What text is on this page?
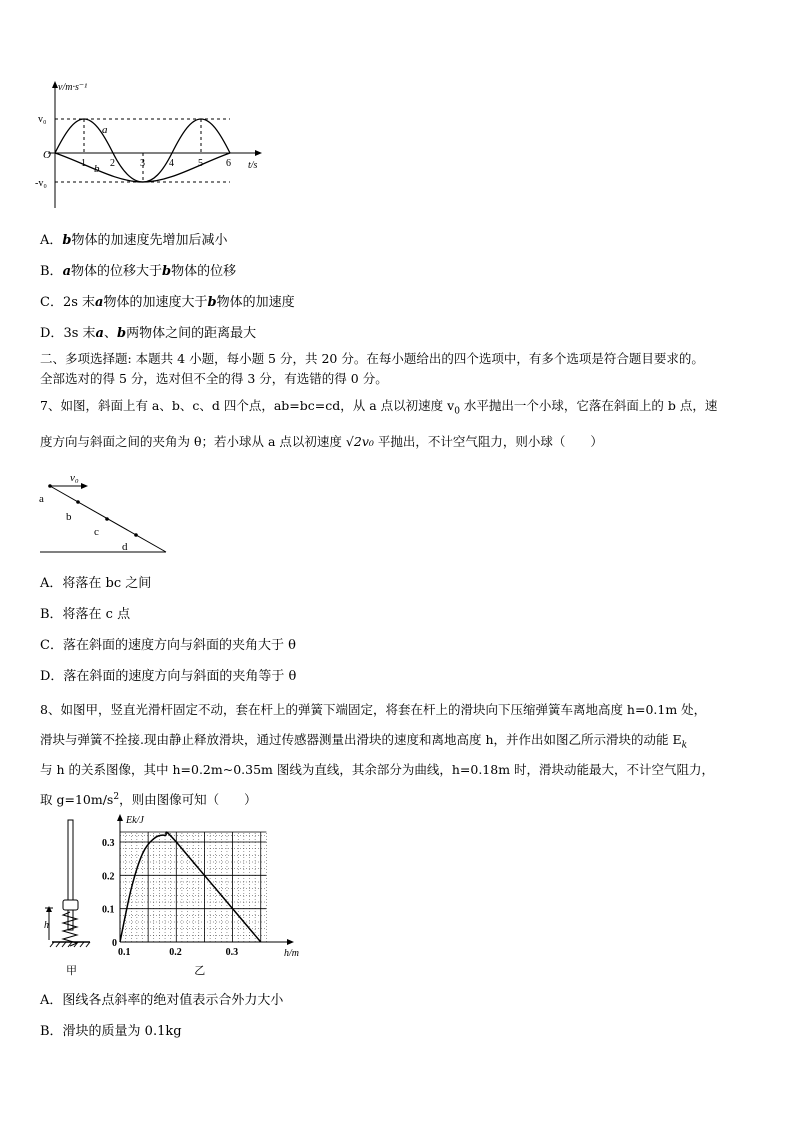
v/m·s⁻¹
t/s
v₀
-v₀
O
1 2	3 4 5 6
a
b
A．b物体的加速度先增加后减小
B．a物体的位移大于b物体的位移
C．2s 末a物体的加速度大于b物体的加速度
D．3s 末a、b两物体之间的距离最大
二、多项选择题: 本题共 4 小题，每小题 5 分，共 20 分。在每小题给出的四个选项中，有多个选项是符合题目要求的。
全部选对的得 5 分，选对但不全的得 3 分，有选错的得 0 分。
7、如图，斜面上有 a、b、c、d 四个点，ab=bc=cd，从 a 点以初速度 $v_0$ 水平抛出一个小球，它落在斜面上的 b 点，速
度方向与斜面之间的夹角为 θ；若小球从 a 点以初速度 √2v₀ 平抛出，不计空气阻力，则小球（　　）
v₀
a
b
c
d
A．将落在 bc 之间
B．将落在 c 点
C．落在斜面的速度方向与斜面的夹角大于 θ
D．落在斜面的速度方向与斜面的夹角等于 θ
8、如图甲，竖直光滑杆固定不动，套在杆上的弹簧下端固定，将套在杆上的滑块向下压缩弹簧车离地高度 h=0.1m 处，
滑块与弹簧不拴接.现由静止释放滑块，通过传感器测量出滑块的速度和离地高度 h，并作出如图乙所示滑块的动能 $E_k$
与 h 的关系图像，其中 h=0.2m~0.35m 图线为直线，其余部分为曲线，h=0.18m 时，滑块动能最大，不计空气阻力，
取 $g=10m/s^2$，则由图像可知（　　）
h
甲
0.1	0.2	0.3
0
0.1
0.2
0.3
Ek/J
h/m
乙
A．图线各点斜率的绝对值表示合外力大小
B．滑块的质量为 0.1kg
